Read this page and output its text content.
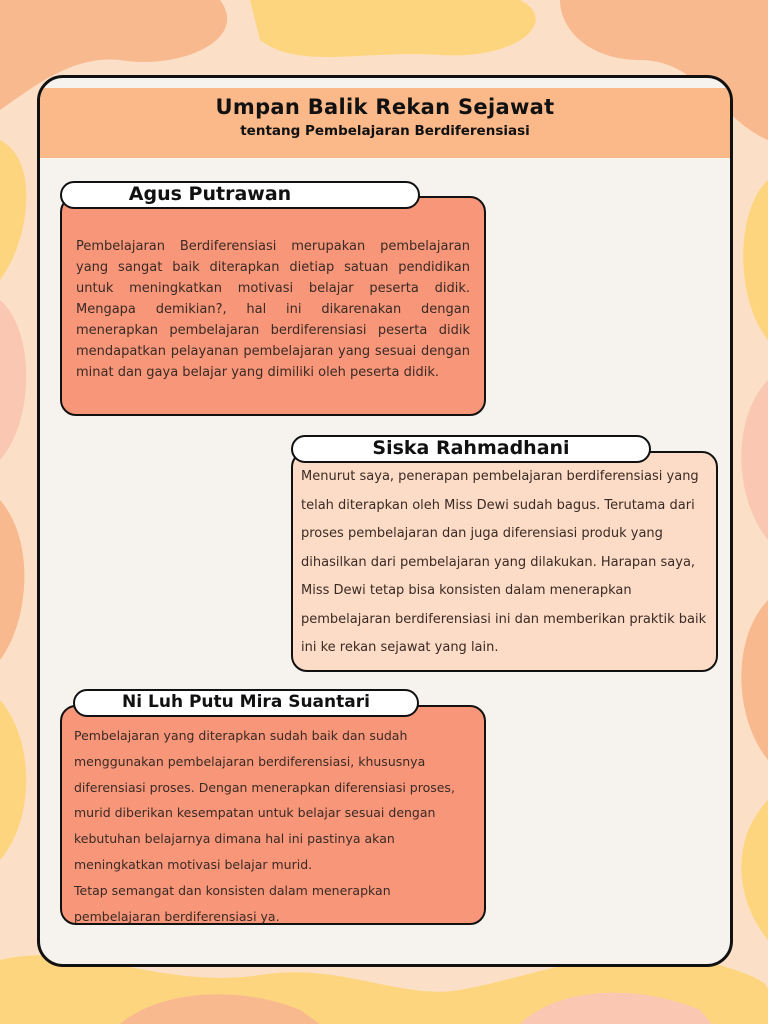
Umpan Balik Rekan Sejawat

tentang Pembelajaran Berdiferensiasi

Pembelajaran Berdiferensiasi merupakan pembelajaran yang sangat baik diterapkan dietiap satuan pendidikan untuk meningkatkan motivasi belajar peserta didik. Mengapa demikian?, hal ini dikarenakan dengan menerapkan pembelajaran berdiferensiasi peserta didik mendapatkan pelayanan pembelajaran yang sesuai dengan minat dan gaya belajar yang dimiliki oleh peserta didik.

Agus Putrawan

Menurut saya, penerapan pembelajaran berdiferensiasi yang telah diterapkan oleh Miss Dewi sudah bagus. Terutama dari proses pembelajaran dan juga diferensiasi produk yang dihasilkan dari pembelajaran yang dilakukan. Harapan saya, Miss Dewi tetap bisa konsisten dalam menerapkan pembelajaran berdiferensiasi ini dan memberikan praktik baik ini ke rekan sejawat yang lain.

Siska Rahmadhani

Pembelajaran yang diterapkan sudah baik dan sudah menggunakan pembelajaran berdiferensiasi, khususnya diferensiasi proses. Dengan menerapkan diferensiasi proses, murid diberikan kesempatan untuk belajar sesuai dengan kebutuhan belajarnya dimana hal ini pastinya akan meningkatkan motivasi belajar murid.

Tetap semangat dan konsisten dalam menerapkan pembelajaran berdiferensiasi ya.

Ni Luh Putu Mira Suantari
